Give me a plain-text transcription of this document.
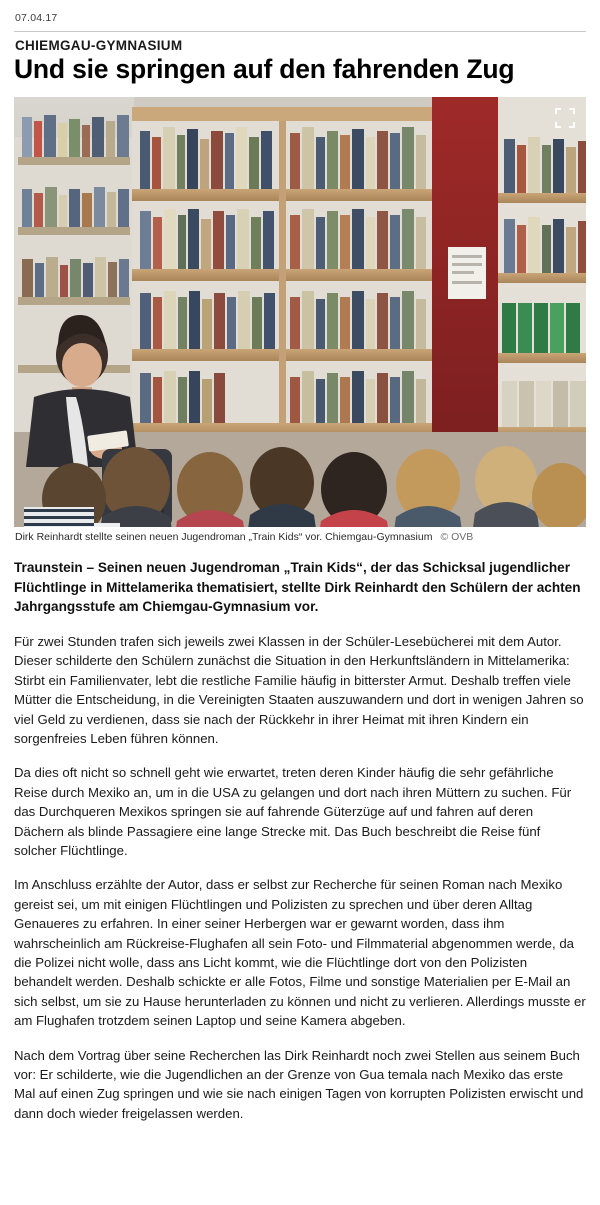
07.04.17
CHIEMGAU-GYMNASIUM
Und sie springen auf den fahrenden Zug
Dirk Reinhardt stellte seinen neuen Jugendroman „Train Kids“ vor. Chiemgau-Gymnasium © OVB

Traunstein – Seinen neuen Jugendroman „Train Kids“, der das Schicksal jugendlicher Flüchtlinge in Mittelamerika thematisiert, stellte Dirk Reinhardt den Schülern der achten Jahrgangsstufe am Chiemgau-Gymnasium vor.

Für zwei Stunden trafen sich jeweils zwei Klassen in der Schüler-Lesebücherei mit dem Autor. Dieser schilderte den Schülern zunächst die Situation in den Herkunftsländern in Mittelamerika: Stirbt ein Familienvater, lebt die restliche Familie häufig in bitterster Armut. Deshalb treffen viele Mütter die Entscheidung, in die Vereinigten Staaten auszuwandern und dort in wenigen Jahren so viel Geld zu verdienen, dass sie nach der Rückkehr in ihrer Heimat mit ihren Kindern ein sorgenfreies Leben führen können.

Da dies oft nicht so schnell geht wie erwartet, treten deren Kinder häufig die sehr gefährliche Reise durch Mexiko an, um in die USA zu gelangen und dort nach ihren Müttern zu suchen. Für das Durchqueren Mexikos springen sie auf fahrende Güterzüge auf und fahren auf deren Dächern als blinde Passagiere eine lange Strecke mit. Das Buch beschreibt die Reise fünf solcher Flüchtlinge.

Im Anschluss erzählte der Autor, dass er selbst zur Recherche für seinen Roman nach Mexiko gereist sei, um mit einigen Flüchtlingen und Polizisten zu sprechen und über deren Alltag Genaueres zu erfahren. In einer seiner Herbergen war er gewarnt worden, dass ihm wahrscheinlich am Rückreise-Flughafen all sein Foto- und Filmmaterial abgenommen werde, da die Polizei nicht wolle, dass ans Licht kommt, wie die Flüchtlinge dort von den Polizisten behandelt werden. Deshalb schickte er alle Fotos, Filme und sonstige Materialien per E-Mail an sich selbst, um sie zu Hause herunterladen zu können und nicht zu verlieren. Allerdings musste er am Flughafen trotzdem seinen Laptop und seine Kamera abgeben.

Nach dem Vortrag über seine Recherchen las Dirk Reinhardt noch zwei Stellen aus seinem Buch vor: Er schilderte, wie die Jugendlichen an der Grenze von Gua temala nach Mexiko das erste Mal auf einen Zug springen und wie sie nach einigen Tagen von korrupten Polizisten erwischt und dann doch wieder freigelassen werden.
